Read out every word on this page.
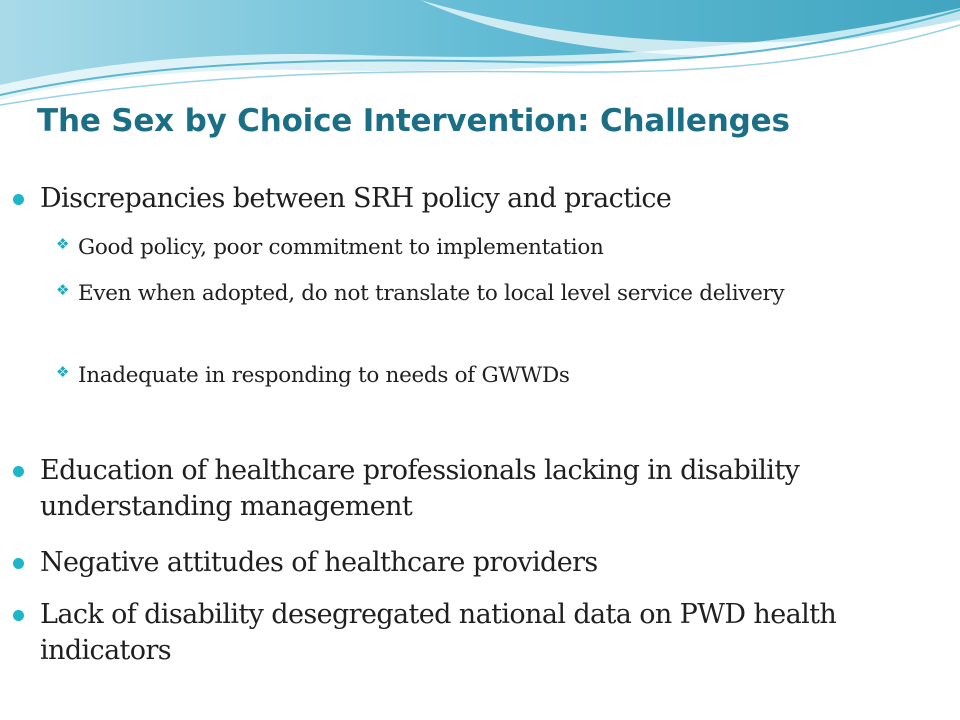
The Sex by Choice Intervention: Challenges
Discrepancies between SRH policy and practice
❖ Good policy, poor commitment to implementation
❖ Even when adopted, do not translate to local level service delivery
❖ Inadequate in responding to needs of GWWDs
Education of healthcare professionals lacking in disability understanding management
Negative attitudes of healthcare providers
Lack of disability desegregated national data on PWD health indicators
